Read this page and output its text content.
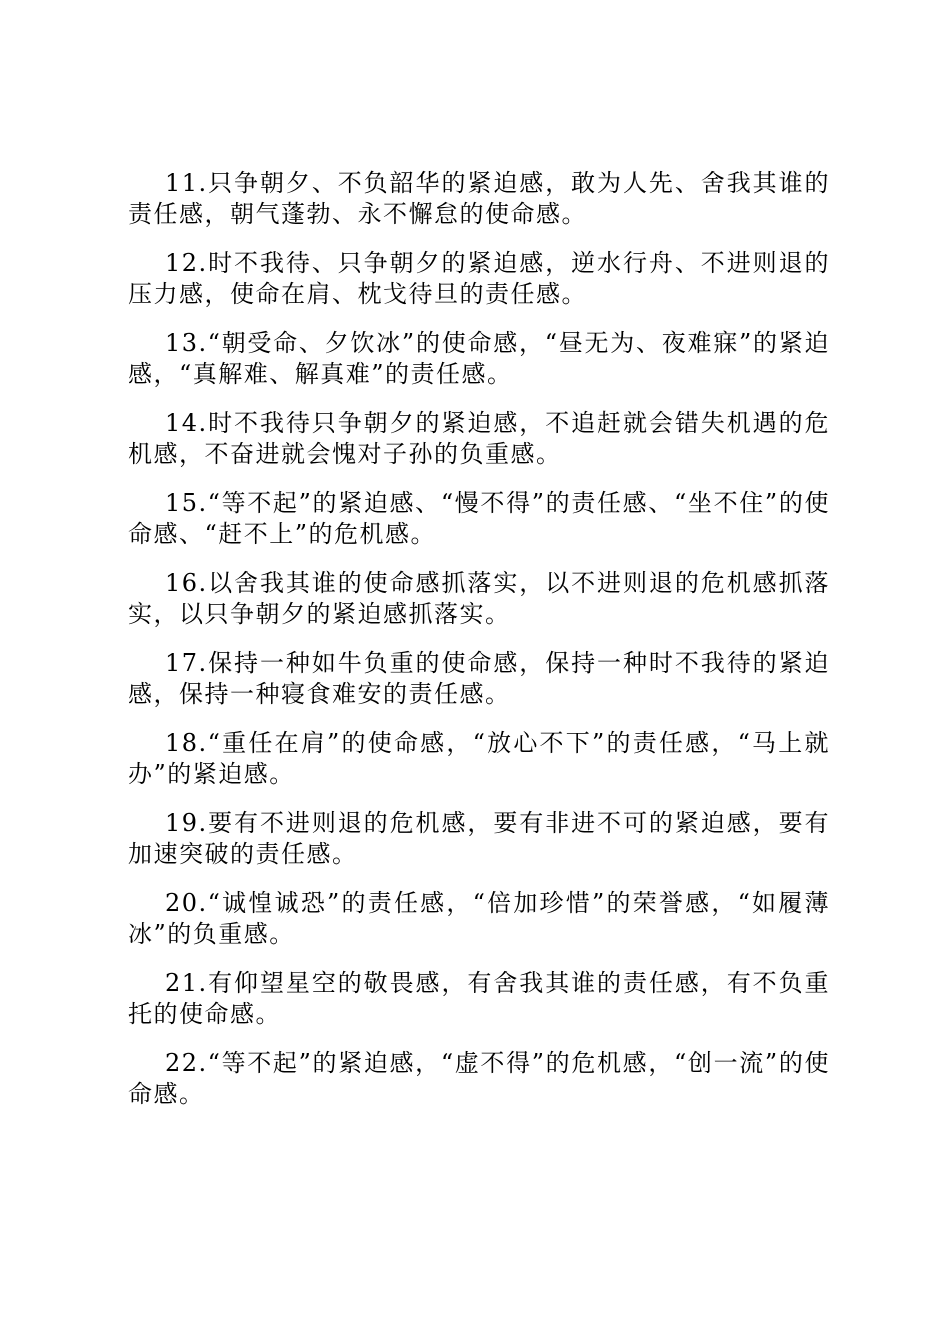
11.只争朝夕、不负韶华的紧迫感，敢为人先、舍我其谁的责任感，朝气蓬勃、永不懈怠的使命感。

12.时不我待、只争朝夕的紧迫感，逆水行舟、不进则退的压力感，使命在肩、枕戈待旦的责任感。

13.“朝受命、夕饮冰”的使命感，“昼无为、夜难寐”的紧迫感，“真解难、解真难”的责任感。

14.时不我待只争朝夕的紧迫感，不追赶就会错失机遇的危机感，不奋进就会愧对子孙的负重感。

15.“等不起”的紧迫感、“慢不得”的责任感、“坐不住”的使命感、“赶不上”的危机感。

16.以舍我其谁的使命感抓落实，以不进则退的危机感抓落实，以只争朝夕的紧迫感抓落实。

17.保持一种如牛负重的使命感，保持一种时不我待的紧迫感，保持一种寝食难安的责任感。

18.“重任在肩”的使命感，“放心不下”的责任感，“马上就办”的紧迫感。

19.要有不进则退的危机感，要有非进不可的紧迫感，要有加速突破的责任感。

20.“诚惶诚恐”的责任感，“倍加珍惜”的荣誉感，“如履薄冰”的负重感。

21.有仰望星空的敬畏感，有舍我其谁的责任感，有不负重托的使命感。

22.“等不起”的紧迫感，“虚不得”的危机感，“创一流”的使命感。
